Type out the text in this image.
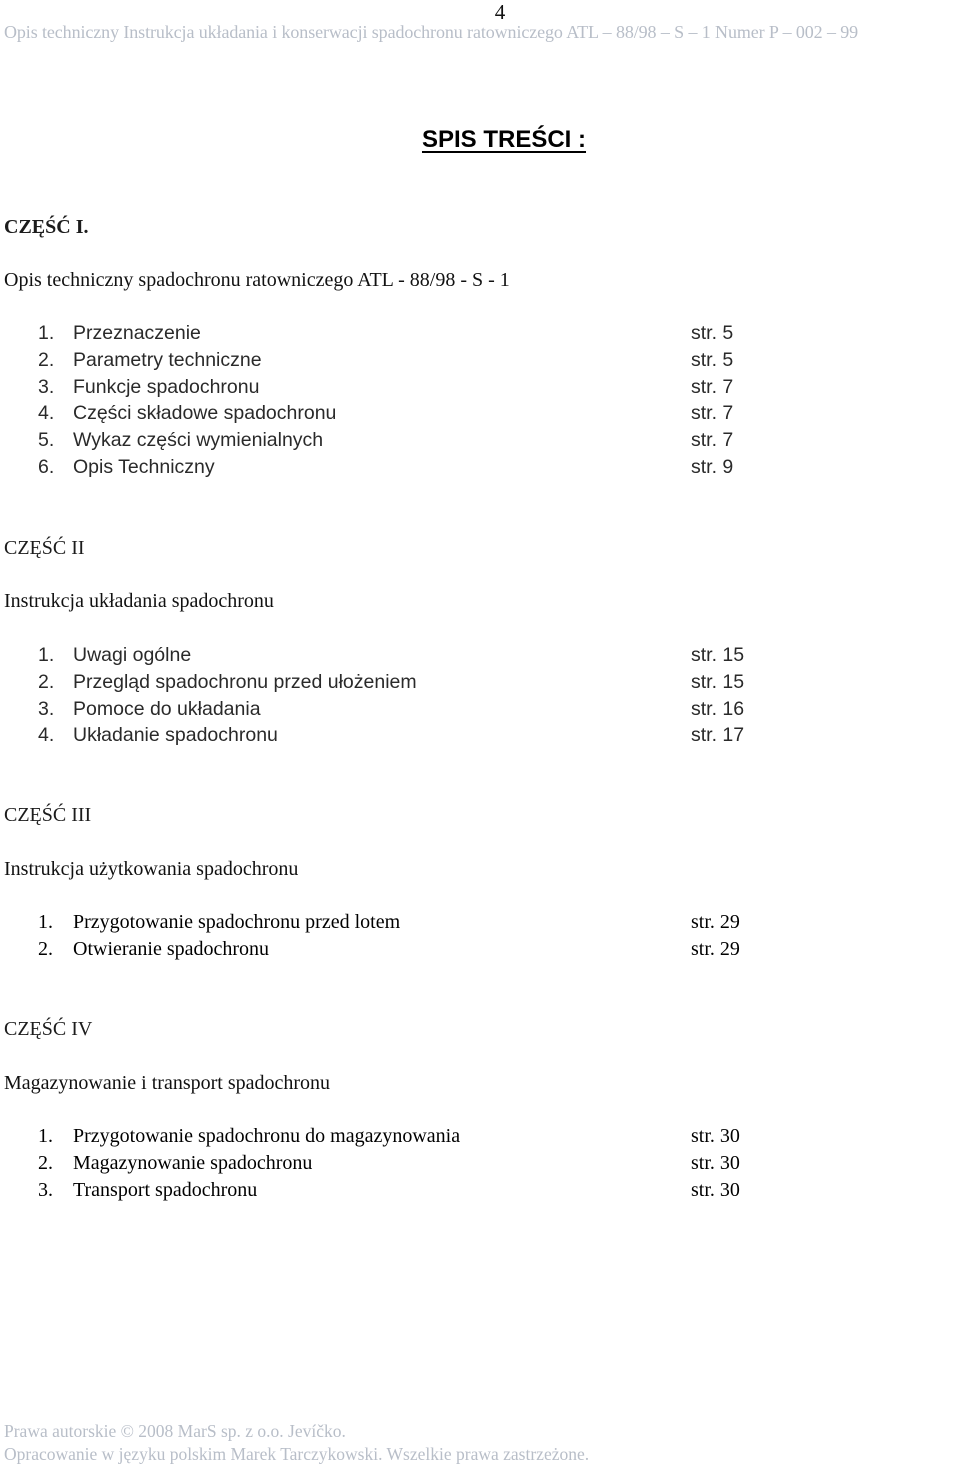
4
Opis techniczny Instrukcja układania i konserwacji spadochronu ratowniczego ATL – 88/98 – S – 1 Numer P – 002 – 99
SPIS TREŚCI :
CZĘŚĆ I.
Opis techniczny spadochronu ratowniczego ATL - 88/98 - S - 1
1. Przeznaczenie	str. 5
2. Parametry techniczne	str. 5
3. Funkcje spadochronu	str. 7
4. Części składowe spadochronu	str. 7
5. Wykaz części wymienialnych	str. 7
6. Opis Techniczny	str. 9
CZĘŚĆ II
Instrukcja układania spadochronu
1. Uwagi ogólne	str. 15
2. Przegląd spadochronu przed ułożeniem	str. 15
3. Pomoce do układania	str. 16
4. Układanie spadochronu	str. 17
CZĘŚĆ III
Instrukcja użytkowania spadochronu
1. Przygotowanie spadochronu przed lotem	str. 29
2. Otwieranie spadochronu	str. 29
CZĘŚĆ IV
Magazynowanie i transport spadochronu
1. Przygotowanie spadochronu do magazynowania	str. 30
2. Magazynowanie spadochronu	str. 30
3. Transport spadochronu	str. 30
Prawa autorskie © 2008 MarS sp. z o.o. Jevíčko.
Opracowanie w języku polskim Marek Tarczykowski. Wszelkie prawa zastrzeżone.
